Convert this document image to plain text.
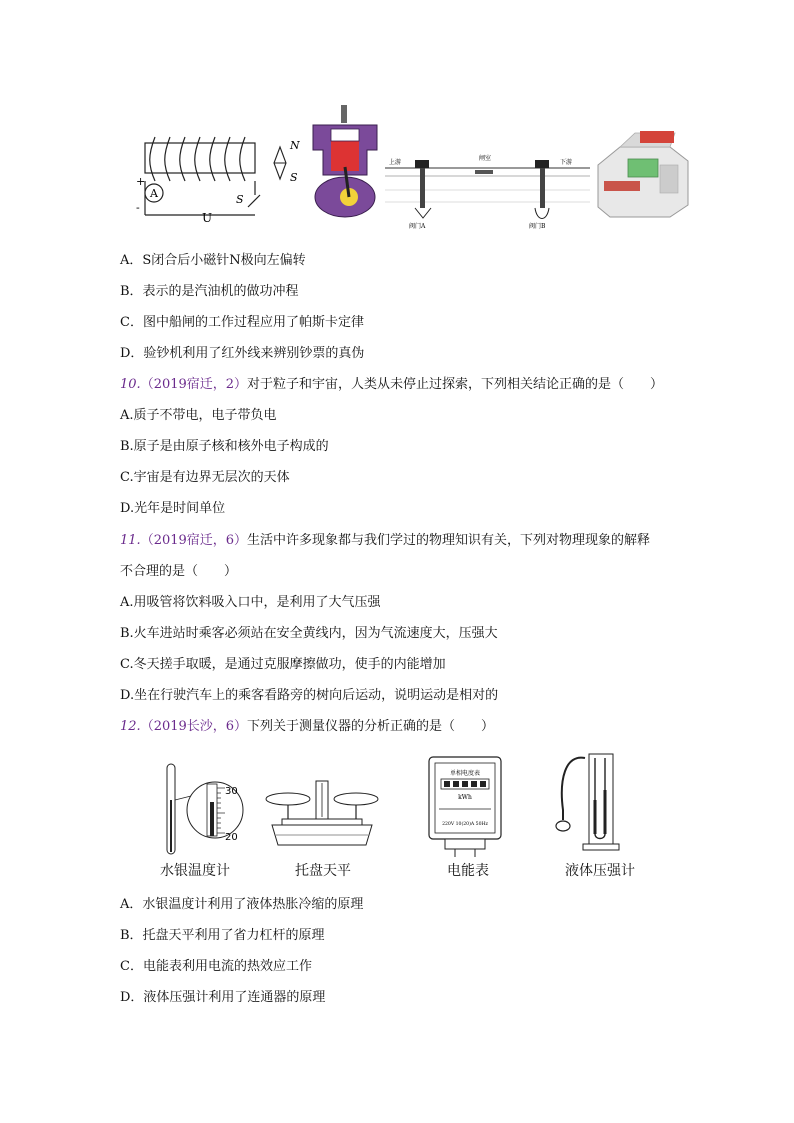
A
+
-
U
S
N
S
闸室
上游	下游
阀门A	阀门B
A．S闭合后小磁针N极向左偏转
B．表示的是汽油机的做功冲程
C．图中船闸的工作过程应用了帕斯卡定律
D．验钞机利用了红外线来辨别钞票的真伪
10.（2019宿迁，2）对于粒子和宇宙，人类从未停止过探索，下列相关结论正确的是（　　）
A.质子不带电，电子带负电
B.原子是由原子核和核外电子构成的
C.宇宙是有边界无层次的天体
D.光年是时间单位
11.（2019宿迁，6）生活中许多现象都与我们学过的物理知识有关，下列对物理现象的解释
不合理的是（　　）
A.用吸管将饮料吸入口中，是利用了大气压强
B.火车进站时乘客必须站在安全黄线内，因为气流速度大，压强大
C.冬天搓手取暖，是通过克服摩擦做功，使手的内能增加
D.坐在行驶汽车上的乘客看路旁的树向后运动，说明运动是相对的
12.（2019长沙，6）下列关于测量仪器的分析正确的是（　　）
30
20
水银温度计	托盘天平
单相电度表
kWh
220V 10(20)A 50Hz
电能表	液体压强计
A．水银温度计利用了液体热胀冷缩的原理
B．托盘天平利用了省力杠杆的原理
C．电能表利用电流的热效应工作
D．液体压强计利用了连通器的原理
